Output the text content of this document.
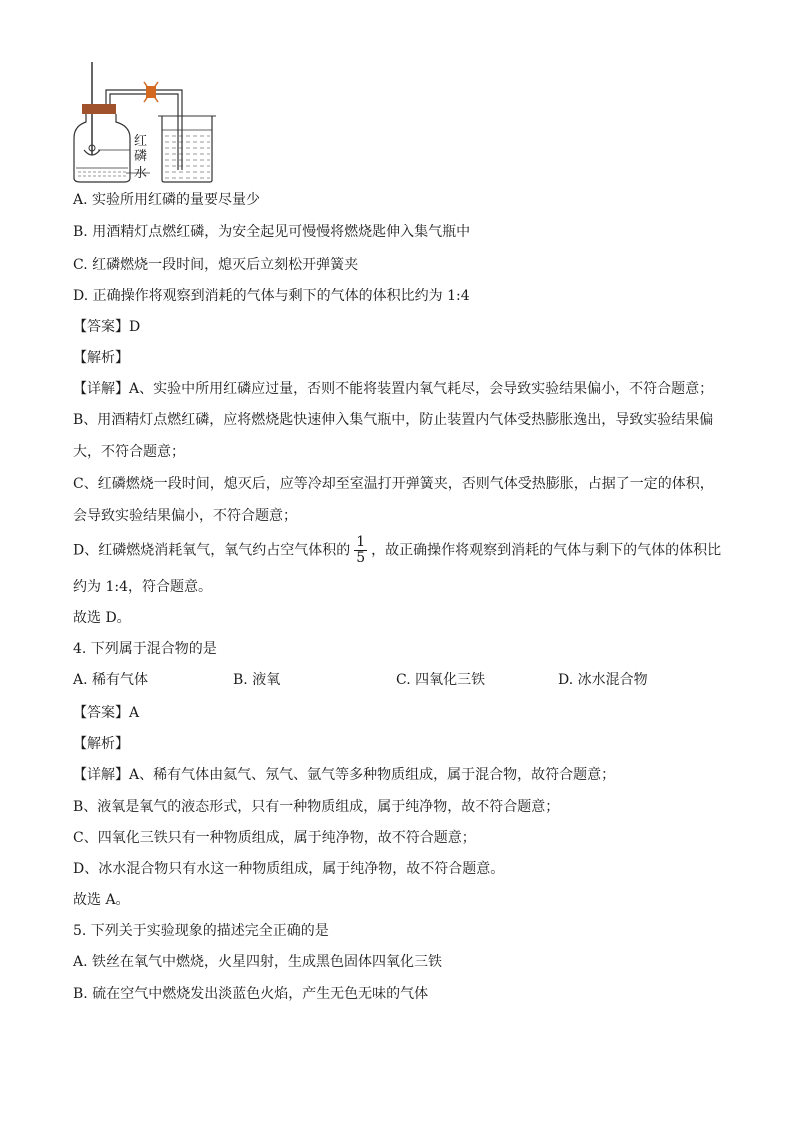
红
磷
水
A. 实验所用红磷的量要尽量少
B. 用酒精灯点燃红磷，为安全起见可慢慢将燃烧匙伸入集气瓶中
C. 红磷燃烧一段时间，熄灭后立刻松开弹簧夹
D. 正确操作将观察到消耗的气体与剩下的气体的体积比约为 1:4
【答案】D
【解析】
【详解】A、实验中所用红磷应过量，否则不能将装置内氧气耗尽，会导致实验结果偏小，不符合题意；
B、用酒精灯点燃红磷，应将燃烧匙快速伸入集气瓶中，防止装置内气体受热膨胀逸出，导致实验结果偏大，不符合题意；
C、红磷燃烧一段时间，熄灭后，应等冷却至室温打开弹簧夹，否则气体受热膨胀，占据了一定的体积，会导致实验结果偏小，不符合题意；
D、红磷燃烧消耗氧气，氧气约占空气体积的 $\frac{1}{5}$ ，故正确操作将观察到消耗的气体与剩下的气体的体积比
约为 1:4，符合题意。
故选 D。
4. 下列属于混合物的是
A. 稀有气体	B. 液氧	C. 四氧化三铁	D. 冰水混合物
【答案】A
【解析】
【详解】A、稀有气体由氦气、氖气、氩气等多种物质组成，属于混合物，故符合题意；
B、液氧是氧气的液态形式，只有一种物质组成，属于纯净物，故不符合题意；
C、四氧化三铁只有一种物质组成，属于纯净物，故不符合题意；
D、冰水混合物只有水这一种物质组成，属于纯净物，故不符合题意。
故选 A。
5. 下列关于实验现象的描述完全正确的是
A. 铁丝在氧气中燃烧，火星四射，生成黑色固体四氧化三铁
B. 硫在空气中燃烧发出淡蓝色火焰，产生无色无味的气体
